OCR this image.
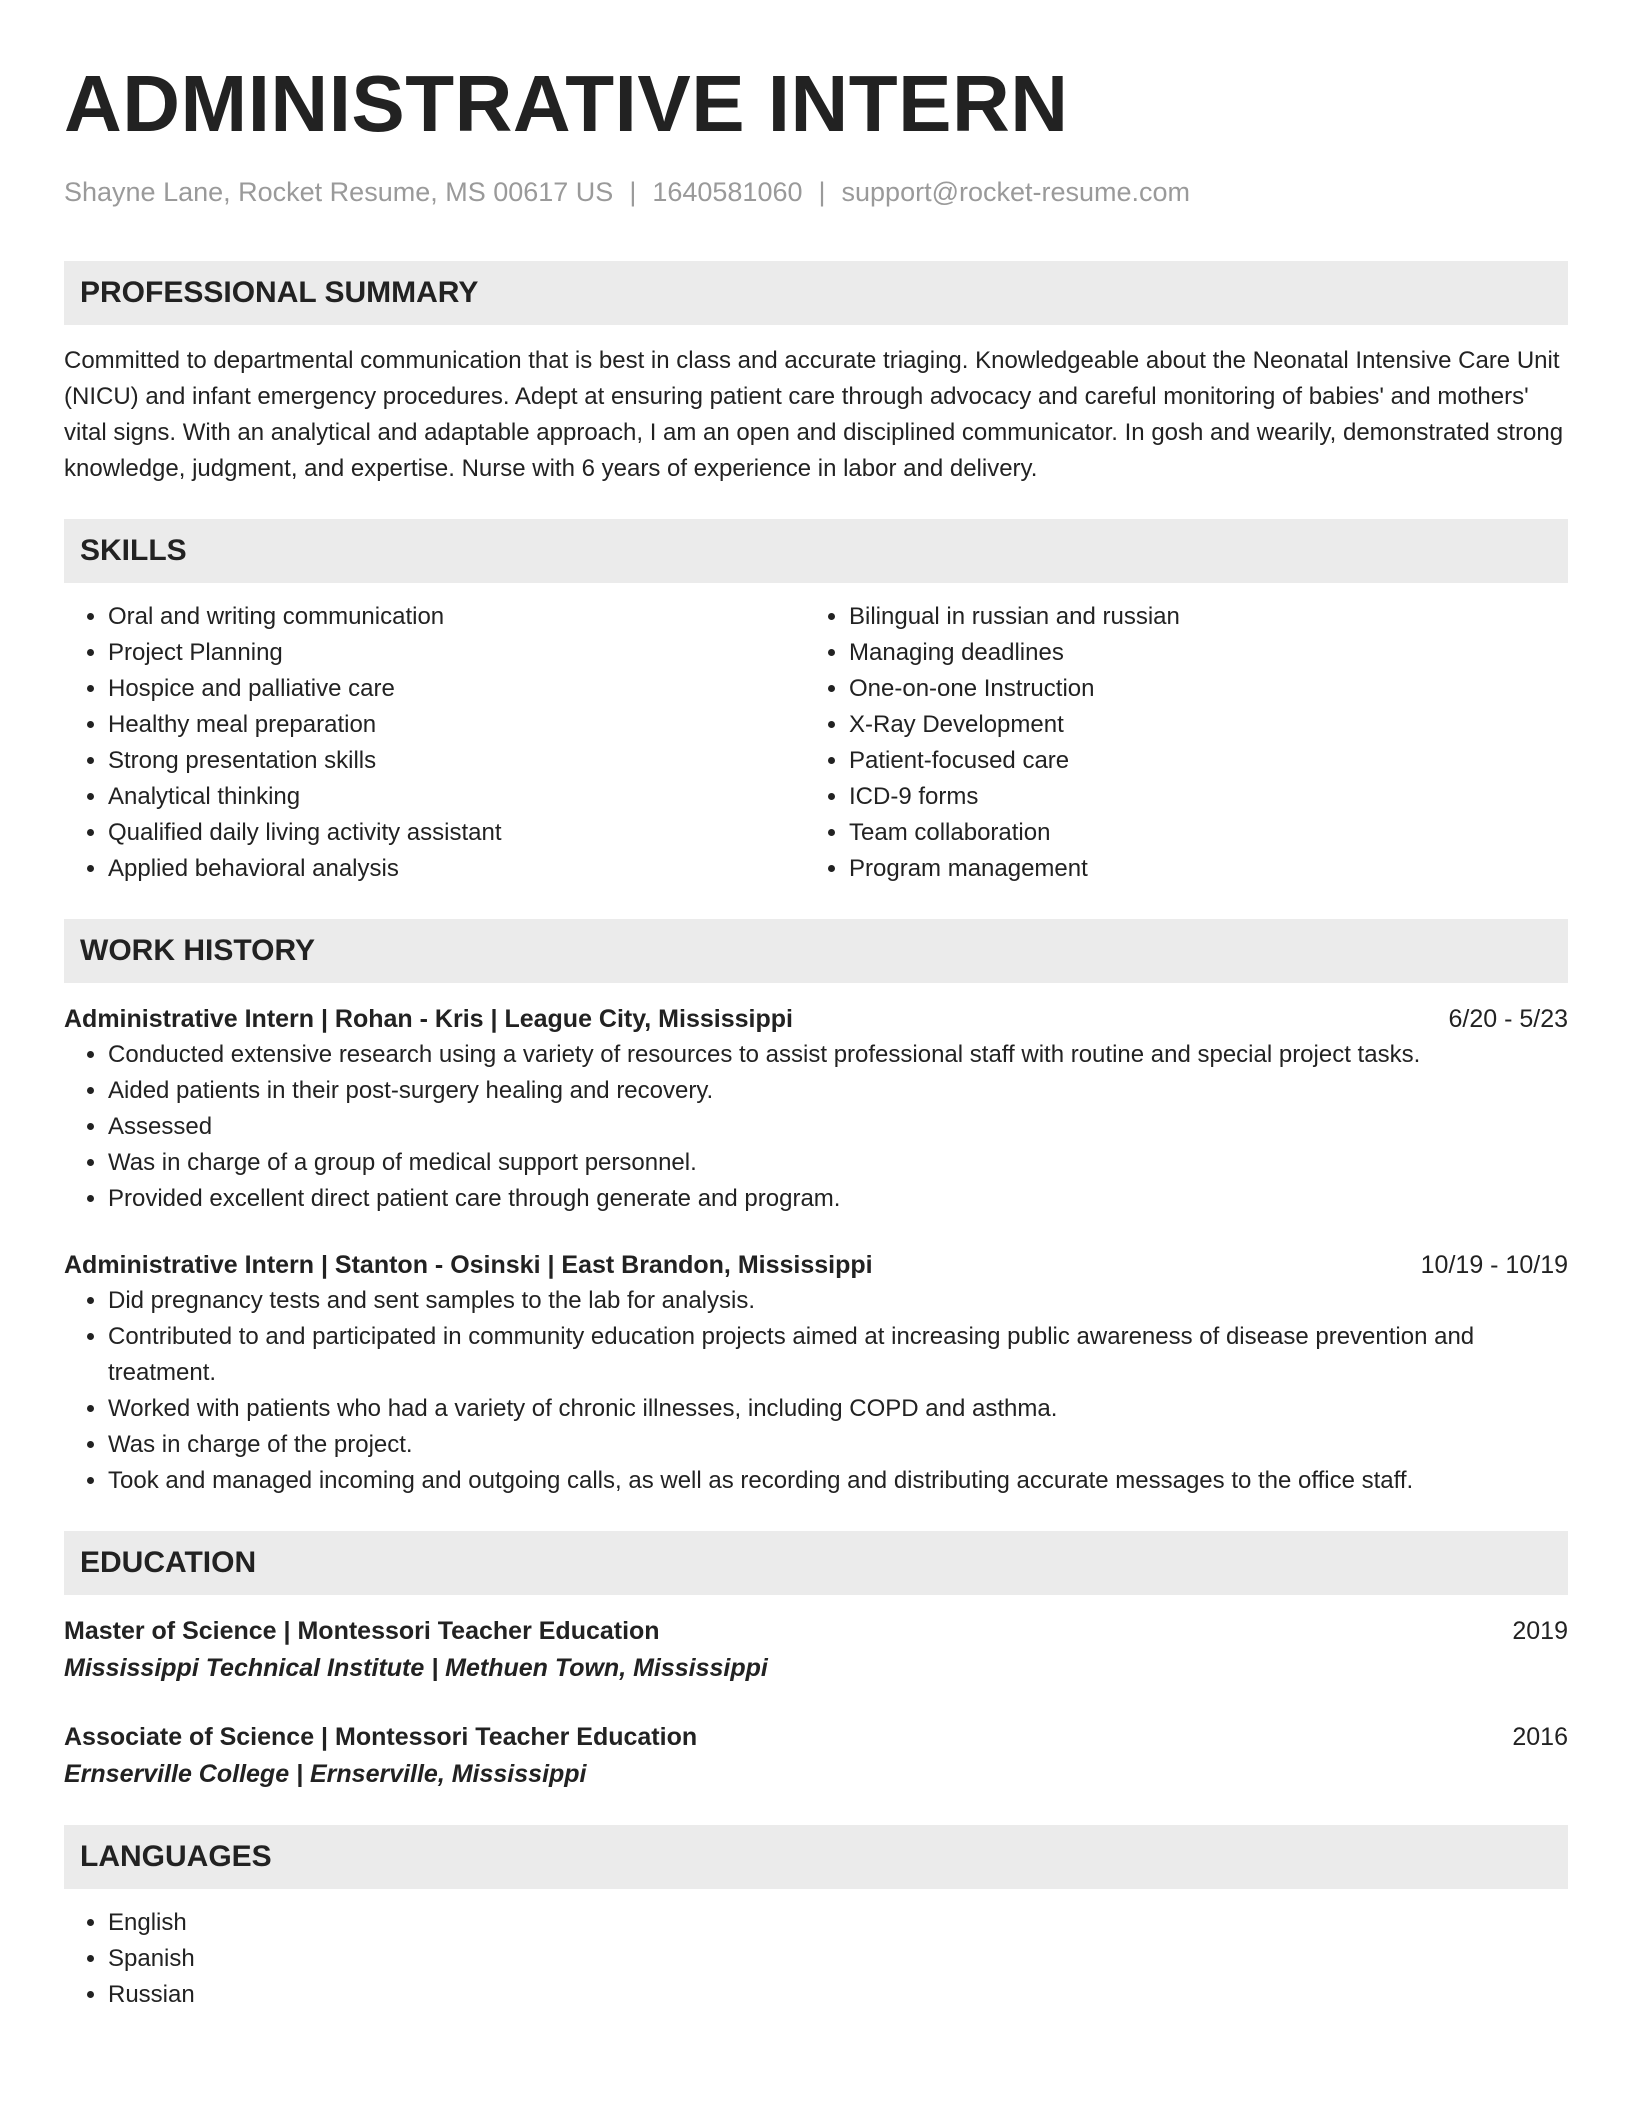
ADMINISTRATIVE INTERN
Shayne Lane, Rocket Resume, MS 00617 US | 1640581060 | support@rocket-resume.com
PROFESSIONAL SUMMARY

Committed to departmental communication that is best in class and accurate triaging. Knowledgeable about the Neonatal Intensive Care Unit (NICU) and infant emergency procedures. Adept at ensuring patient care through advocacy and careful monitoring of babies' and mothers' vital signs. With an analytical and adaptable approach, I am an open and disciplined communicator. In gosh and wearily, demonstrated strong knowledge, judgment, and expertise. Nurse with 6 years of experience in labor and delivery.

SKILLS
• Oral and writing communication
• Project Planning
• Hospice and palliative care
• Healthy meal preparation
• Strong presentation skills
• Analytical thinking
• Qualified daily living activity assistant
• Applied behavioral analysis
• Bilingual in russian and russian
• Managing deadlines
• One-on-one Instruction
• X-Ray Development
• Patient-focused care
• ICD-9 forms
• Team collaboration
• Program management
WORK HISTORY
Administrative Intern | Rohan - Kris | League City, Mississippi	6/20 - 5/23
• Conducted extensive research using a variety of resources to assist professional staff with routine and special project tasks.
• Aided patients in their post-surgery healing and recovery.
• Assessed
• Was in charge of a group of medical support personnel.
• Provided excellent direct patient care through generate and program.
Administrative Intern | Stanton - Osinski | East Brandon, Mississippi	10/19 - 10/19
• Did pregnancy tests and sent samples to the lab for analysis.
• Contributed to and participated in community education projects aimed at increasing public awareness of disease prevention and treatment.
• Worked with patients who had a variety of chronic illnesses, including COPD and asthma.
• Was in charge of the project.
• Took and managed incoming and outgoing calls, as well as recording and distributing accurate messages to the office staff.
EDUCATION
Master of Science | Montessori Teacher Education	2019
Mississippi Technical Institute | Methuen Town, Mississippi
Associate of Science | Montessori Teacher Education	2016
Ernserville College | Ernserville, Mississippi
LANGUAGES
• English
• Spanish
• Russian
